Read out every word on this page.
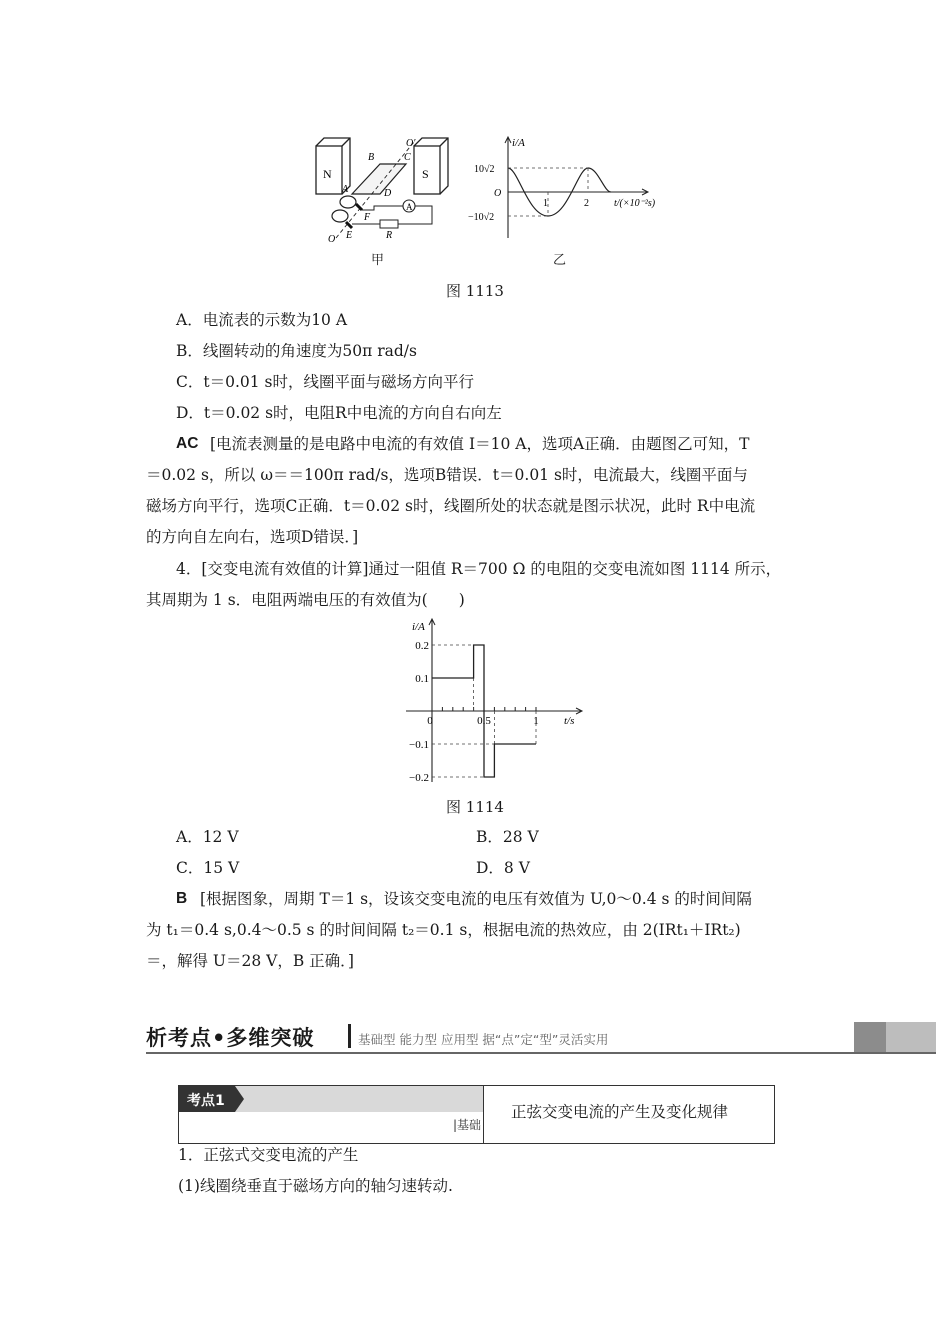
N	S
A
O′
B	C
A	D
F
E	R
O
i/A
10√2
O
−10√2
1	2	t/(×10⁻²s)
甲	乙
图 1113
A．电流表的示数为10 A
B．线圈转动的角速度为50π rad/s
C．t＝0.01 s时，线圈平面与磁场方向平行
D．t＝0.02 s时，电阻R中电流的方向自右向左
AC [电流表测量的是电路中电流的有效值 I＝10 A，选项A正确．由题图乙可知，T
＝0.02 s，所以 ω＝＝100π rad/s，选项B错误．t＝0.01 s时，电流最大，线圈平面与
磁场方向平行，选项C正确．t＝0.02 s时，线圈所处的状态就是图示状况，此时 R中电流
的方向自左向右，选项D错误．]
4．[交变电流有效值的计算]通过一阻值 R＝700 Ω 的电阻的交变电流如图 1114 所示，
其周期为 1 s．电阻两端电压的有效值为(　　)
i/A
t/s
0.2
0.1
−0.1
−0.2
0	0.5	1
图 1114
A．12 V	B．28 V
C．15 V	D．8 V
B [根据图象，周期 T＝1 s，设该交变电流的电压有效值为 U,0～0.4 s 的时间间隔
为 t₁＝0.4 s,0.4～0.5 s 的时间间隔 t₂＝0.1 s，根据电流的热效应，由 2(IRt₁＋IRt₂)
＝，解得 U＝28 V，B 正确．]
析考点•多维突破	基础型 能力型 应用型 据“点”定“型”灵活实用
考点1
|基础
正弦交变电流的产生及变化规律
1．正弦式交变电流的产生
(1)线圈绕垂直于磁场方向的轴匀速转动.
